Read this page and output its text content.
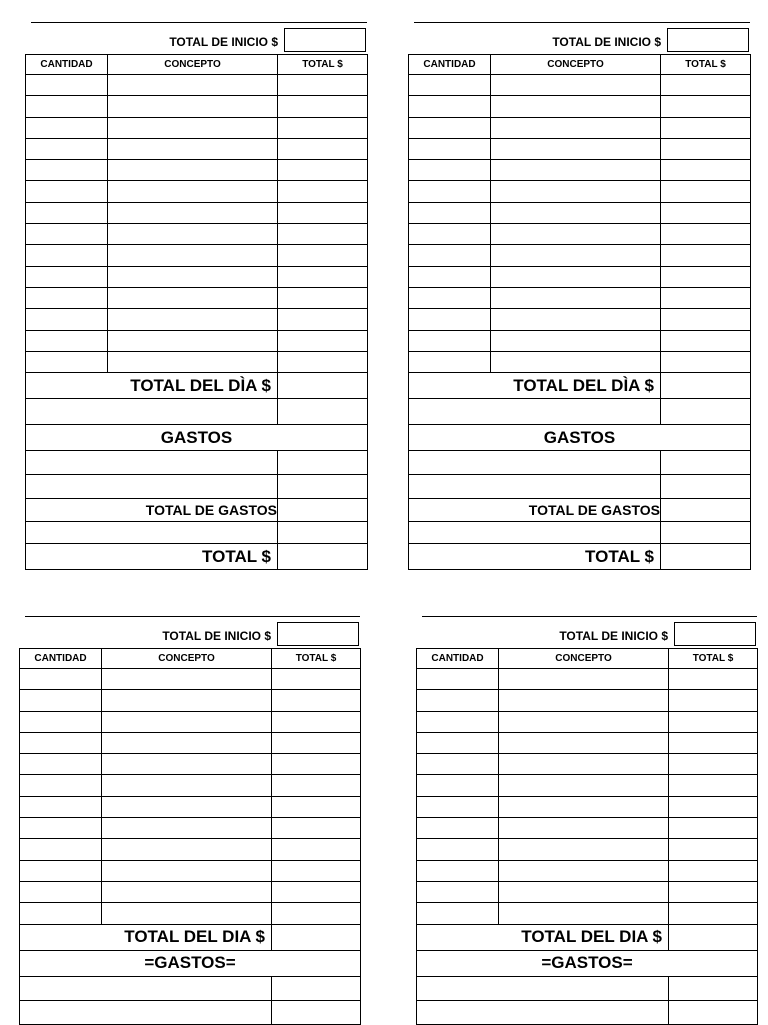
TOTAL DE INICIO $
CANTIDAD	CONCEPTO	TOTAL $

TOTAL DEL DÌA $		

GASTOS		

TOTAL DE GASTOS		

TOTAL $		
TOTAL DE INICIO $
CANTIDAD	CONCEPTO	TOTAL $

TOTAL DEL DÌA $		

GASTOS		

TOTAL DE GASTOS		

TOTAL $		
TOTAL DE INICIO $
CANTIDAD	CONCEPTO	TOTAL $

TOTAL DEL DIA $		
=GASTOS=		

TOTAL DE INICIO $
CANTIDAD	CONCEPTO	TOTAL $

TOTAL DEL DIA $		
=GASTOS=		
